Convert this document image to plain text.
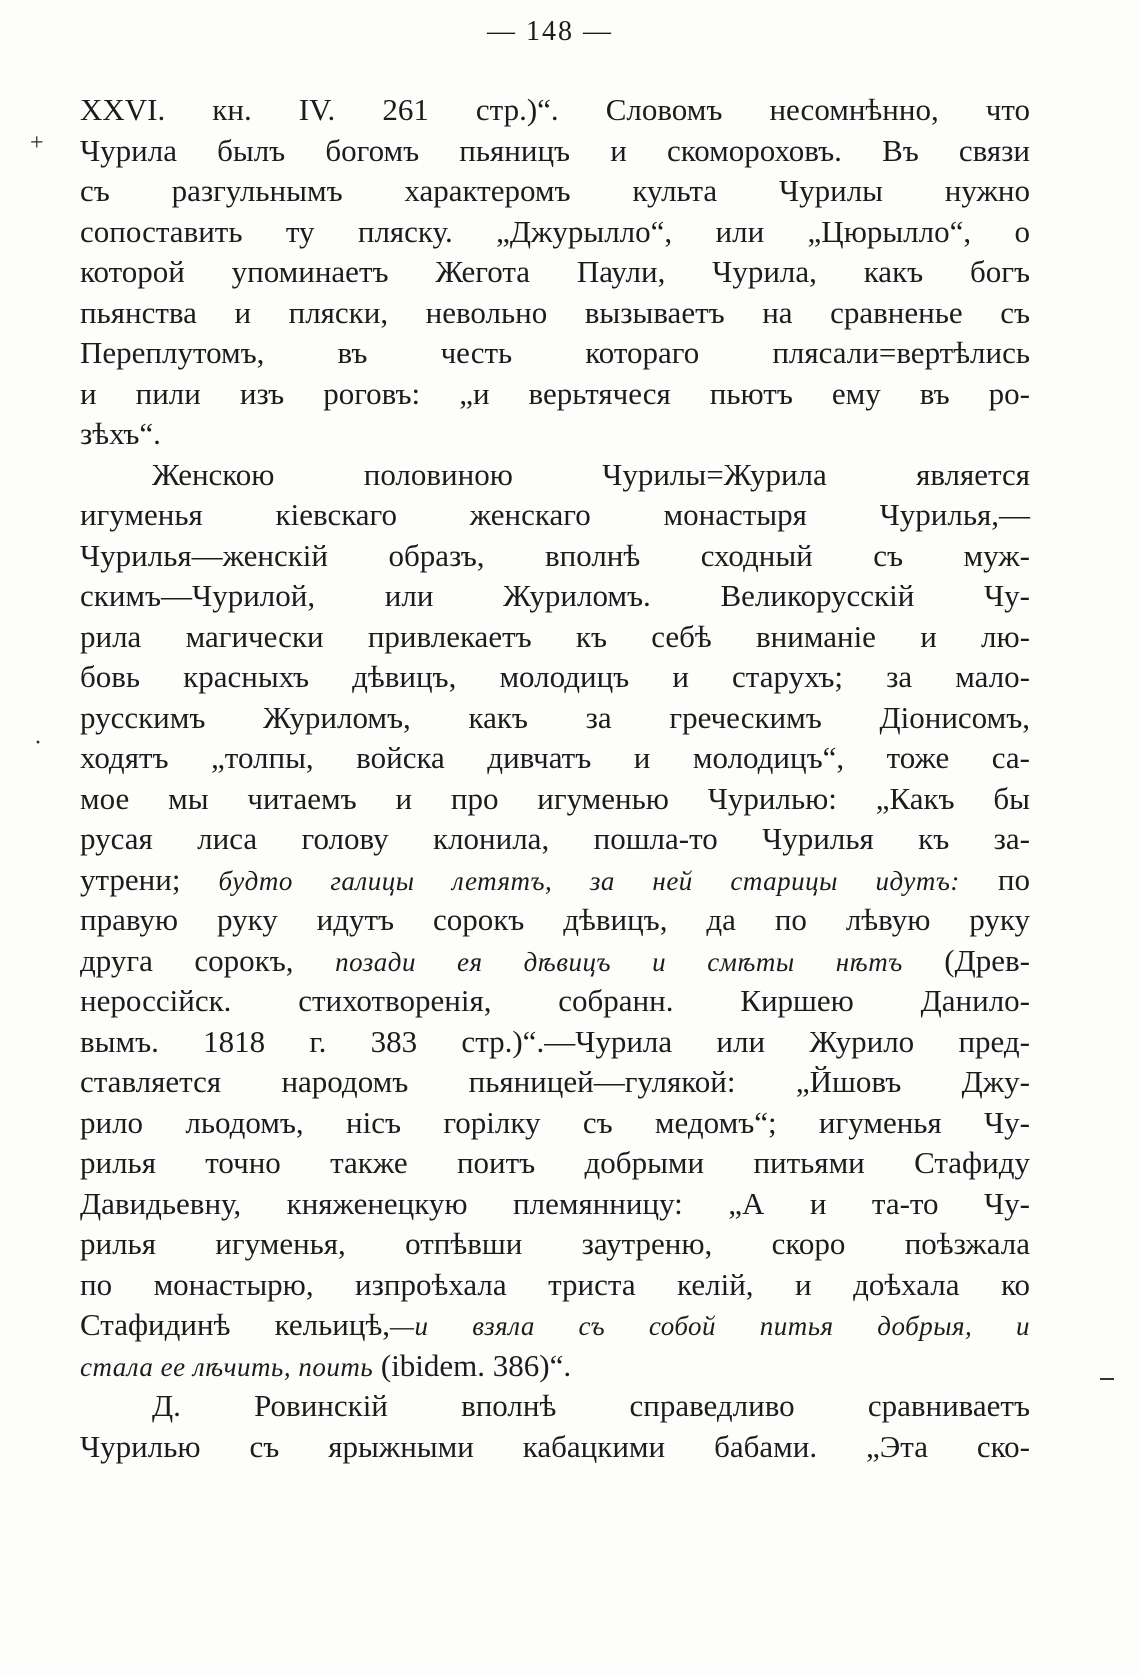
— 148 —
+
·
XXVI. кн. IV. 261 стр.)“. Словомъ несомнѣнно, что
Чурила былъ богомъ пьяницъ и скомороховъ. Въ связи
съ разгульнымъ характеромъ культа Чурилы нужно
сопоставить ту пляску. „Джурылло“, или „Цюрылло“, о
которой упоминаетъ Жегота Паули, Чурила, какъ богъ
пьянства и пляски, невольно вызываетъ на сравненье съ
Переплутомъ, въ честь котораго плясали=вертѣлись
и пили изъ роговъ: „и верьтячеся пьютъ ему въ ро-
зѣхъ“.
Женскою половиною Чурилы=Журила является
игуменья кіевскаго женскаго монастыря Чурилья,—
Чурилья—женскій образъ, вполнѣ сходный съ муж-
скимъ—Чурилой, или Журиломъ. Великорусскій Чу-
рила магически привлекаетъ къ себѣ вниманіе и лю-
бовь красныхъ дѣвицъ, молодицъ и старухъ; за мало-
русскимъ Журиломъ, какъ за греческимъ Діонисомъ,
ходятъ „толпы, войска дивчатъ и молодицъ“, тоже са-
мое мы читаемъ и про игуменью Чурилью: „Какъ бы
русая лиса голову клонила, пошла-то Чурилья къ за-
утрени; будто галицы летятъ, за ней старицы идутъ: по
правую руку идутъ сорокъ дѣвицъ, да по лѣвую руку
друга сорокъ, позади ея дѣвицъ и смѣты нѣтъ (Древ-
нероссійск. стихотворенія, собранн. Киршею Данило-
вымъ. 1818 г. 383 стр.)“.—Чурила или Журило пред-
ставляется народомъ пьяницей—гулякой: „Йшовъ Джу-
рило льодомъ, нісъ горілку съ медомъ“; игуменья Чу-
рилья точно также поитъ добрыми питьями Стафиду
Давидьевну, княженецкую племянницу: „А и та-то Чу-
рилья игуменья, отпѣвши заутреню, скоро поѣзжала
по монастырю, изпроѣхала триста келій, и доѣхала ко
Стафидинѣ кельицѣ,—и взяла съ собой питья добрыя, и
стала ее лѣчить, поить (ibidem. 386)“.
Д. Ровинскій вполнѣ справедливо сравниваетъ
Чурилью съ ярыжными кабацкими бабами. „Эта ско-
